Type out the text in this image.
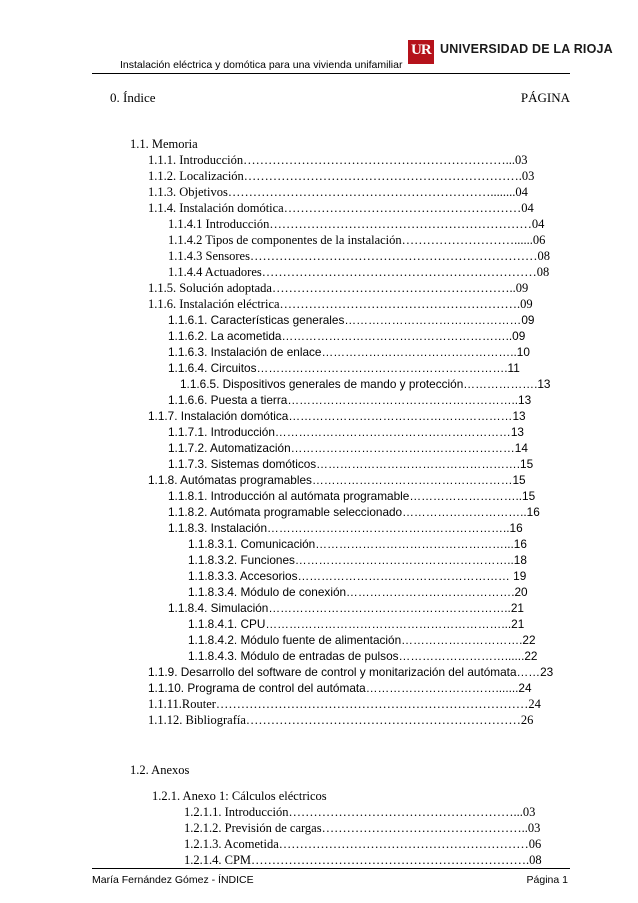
Instalación eléctrica y domótica para una vivienda unifamiliar
UR UNIVERSIDAD DE LA RIOJA
0. Índice	PÁGINA
1.1. Memoria
1.1.1. Introducción………………………………………………………...03
1.1.2. Localización………………………………………………………….03
1.1.3. Objetivos………………………………………………………........04
1.1.4. Instalación domótica…………………………………………………04
1.1.4.1 Introducción………………………………………………………04
1.1.4.2 Tipos de componentes de la instalación………………………......06
1.1.4.3 Sensores……………………………………………………………08
1.1.4.4 Actuadores…………………………………………………………08
1.1.5. Solución adoptada…………………………………………………..09
1.1.6. Instalación eléctrica………………………………………………….09
1.1.6.1. Características generales………………………………………09
1.1.6.2. La acometida…………………………………………………..09
1.1.6.3. Instalación de enlace…………………………………………..10
1.1.6.4. Circuitos……………………………………………………….11
1.1.6.5. Dispositivos generales de mando y protección……………….13
1.1.6.6. Puesta a tierra…………………………………………………..13
1.1.7. Instalación domótica…………………………………………………13
1.1.7.1. Introducción……………………………………………………13
1.1.7.2. Automatización…………………………………………………14
1.1.7.3. Sistemas domóticos…………………………………………….15
1.1.8. Autómatas programables……………………………………………15
1.1.8.1. Introducción al autómata programable………………………..15
1.1.8.2. Autómata programable seleccionado…………………………..16
1.1.8.3. Instalación……………………………………………………..16
1.1.8.3.1. Comunicación…………………………………………...16
1.1.8.3.2. Funciones………………………………………………..18
1.1.8.3.3. Accesorios……………………………………………… 19
1.1.8.3.4. Módulo de conexión…………………………………….20
1.1.8.4. Simulación……………………………………………………..21
1.1.8.4.1. CPU……………………………………………………...21
1.1.8.4.2. Módulo fuente de alimentación………………………….22
1.1.8.4.3. Módulo de entradas de pulsos………………………......22
1.1.9. Desarrollo del software de control y monitarización del autómata……23
1.1.10. Programa de control del autómata…………………………….......24
1.1.11.Router…………………………………………………………………24
1.1.12. Bibliografía…………………………………………………………26
1.2. Anexos
1.2.1. Anexo 1: Cálculos eléctricos
1.2.1.1. Introducción………………………………………………...03
1.2.1.2. Previsión de cargas…………………………………………..03
1.2.1.3. Acometida……………………………………………………06
1.2.1.4. CPM………………………………………………………….08
María Fernández Gómez - ÍNDICE	Página 1
